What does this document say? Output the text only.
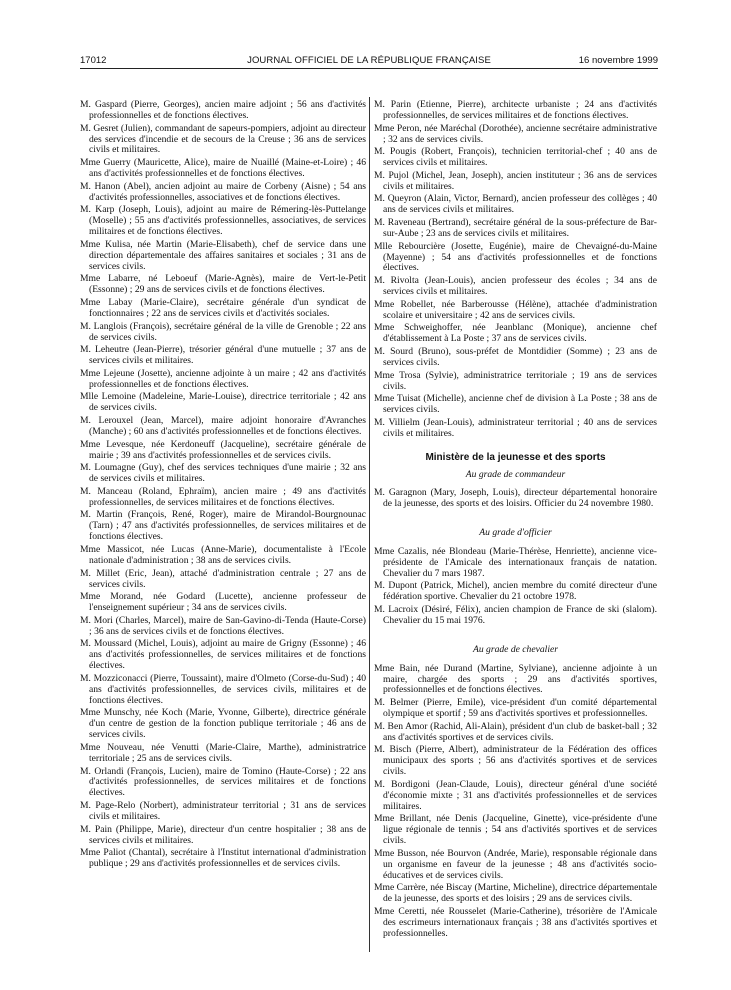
17012	JOURNAL OFFICIEL DE LA RÉPUBLIQUE FRANÇAISE	16 novembre 1999

M. Gaspard (Pierre, Georges), ancien maire adjoint ; 56 ans d'activités professionnelles et de fonctions électives.

M. Gesret (Julien), commandant de sapeurs-pompiers, adjoint au directeur des services d'incendie et de secours de la Creuse ; 36 ans de services civils et militaires.

Mme Guerry (Mauricette, Alice), maire de Nuaillé (Maine-et-Loire) ; 46 ans d'activités professionnelles et de fonctions électives.

M. Hanon (Abel), ancien adjoint au maire de Corbeny (Aisne) ; 54 ans d'activités professionnelles, associatives et de fonctions électives.

M. Karp (Joseph, Louis), adjoint au maire de Rémering-lès-Puttelange (Moselle) ; 55 ans d'activités professionnelles, associatives, de services militaires et de fonctions électives.

Mme Kulisa, née Martin (Marie-Elisabeth), chef de service dans une direction départementale des affaires sanitaires et sociales ; 31 ans de services civils.

Mme Labarre, né Leboeuf (Marie-Agnès), maire de Vert-le-Petit (Essonne) ; 29 ans de services civils et de fonctions électives.

Mme Labay (Marie-Claire), secrétaire générale d'un syndicat de fonctionnaires ; 22 ans de services civils et d'activités sociales.

M. Langlois (François), secrétaire général de la ville de Grenoble ; 22 ans de services civils.

M. Leheutre (Jean-Pierre), trésorier général d'une mutuelle ; 37 ans de services civils et militaires.

Mme Lejeune (Josette), ancienne adjointe à un maire ; 42 ans d'activités professionnelles et de fonctions électives.

Mlle Lemoine (Madeleine, Marie-Louise), directrice territoriale ; 42 ans de services civils.

M. Lerouxel (Jean, Marcel), maire adjoint honoraire d'Avranches (Manche) ; 60 ans d'activités professionnelles et de fonctions électives.

Mme Levesque, née Kerdoneuff (Jacqueline), secrétaire générale de mairie ; 39 ans d'activités professionnelles et de services civils.

M. Loumagne (Guy), chef des services techniques d'une mairie ; 32 ans de services civils et militaires.

M. Manceau (Roland, Ephraïm), ancien maire ; 49 ans d'activités professionnelles, de services militaires et de fonctions électives.

M. Martin (François, René, Roger), maire de Mirandol-Bourgnounac (Tarn) ; 47 ans d'activités professionnelles, de services militaires et de fonctions électives.

Mme Massicot, née Lucas (Anne-Marie), documentaliste à l'Ecole nationale d'administration ; 38 ans de services civils.

M. Millet (Eric, Jean), attaché d'administration centrale ; 27 ans de services civils.

Mme Morand, née Godard (Lucette), ancienne professeur de l'enseignement supérieur ; 34 ans de services civils.

M. Mori (Charles, Marcel), maire de San-Gavino-di-Tenda (Haute-Corse) ; 36 ans de services civils et de fonctions électives.

M. Moussard (Michel, Louis), adjoint au maire de Grigny (Essonne) ; 46 ans d'activités professionnelles, de services militaires et de fonctions électives.

M. Mozziconacci (Pierre, Toussaint), maire d'Olmeto (Corse-du-Sud) ; 40 ans d'activités professionnelles, de services civils, militaires et de fonctions électives.

Mme Munschy, née Koch (Marie, Yvonne, Gilberte), directrice générale d'un centre de gestion de la fonction publique territoriale ; 46 ans de services civils.

Mme Nouveau, née Venutti (Marie-Claire, Marthe), administratrice territoriale ; 25 ans de services civils.

M. Orlandi (François, Lucien), maire de Tomino (Haute-Corse) ; 22 ans d'activités professionnelles, de services militaires et de fonctions électives.

M. Page-Relo (Norbert), administrateur territorial ; 31 ans de services civils et militaires.

M. Pain (Philippe, Marie), directeur d'un centre hospitalier ; 38 ans de services civils et militaires.

Mme Paliot (Chantal), secrétaire à l'Institut international d'administration publique ; 29 ans d'activités professionnelles et de services civils.

M. Parin (Etienne, Pierre), architecte urbaniste ; 24 ans d'activités professionnelles, de services militaires et de fonctions électives.

Mme Peron, née Maréchal (Dorothée), ancienne secrétaire administrative ; 32 ans de services civils.

M. Pougis (Robert, François), technicien territorial-chef ; 40 ans de services civils et militaires.

M. Pujol (Michel, Jean, Joseph), ancien instituteur ; 36 ans de services civils et militaires.

M. Queyron (Alain, Victor, Bernard), ancien professeur des collèges ; 40 ans de services civils et militaires.

M. Raveneau (Bertrand), secrétaire général de la sous-préfecture de Bar-sur-Aube ; 23 ans de services civils et militaires.

Mlle Rebourcière (Josette, Eugénie), maire de Chevaigné-du-Maine (Mayenne) ; 54 ans d'activités professionnelles et de fonctions électives.

M. Rivolta (Jean-Louis), ancien professeur des écoles ; 34 ans de services civils et militaires.

Mme Robellet, née Barberousse (Hélène), attachée d'administration scolaire et universitaire ; 42 ans de services civils.

Mme Schweighoffer, née Jeanblanc (Monique), ancienne chef d'établissement à La Poste ; 37 ans de services civils.

M. Sourd (Bruno), sous-préfet de Montdidier (Somme) ; 23 ans de services civils.

Mme Trosa (Sylvie), administratrice territoriale ; 19 ans de services civils.

Mme Tuisat (Michelle), ancienne chef de division à La Poste ; 38 ans de services civils.

M. Villielm (Jean-Louis), administrateur territorial ; 40 ans de services civils et militaires.

Ministère de la jeunesse et des sports
Au grade de commandeur

M. Garagnon (Mary, Joseph, Louis), directeur départemental honoraire de la jeunesse, des sports et des loisirs. Officier du 24 novembre 1980.

Au grade d'officier

Mme Cazalis, née Blondeau (Marie-Thérèse, Henriette), ancienne vice-présidente de l'Amicale des internationaux français de natation. Chevalier du 7 mars 1987.

M. Dupont (Patrick, Michel), ancien membre du comité directeur d'une fédération sportive. Chevalier du 21 octobre 1978.

M. Lacroix (Désiré, Félix), ancien champion de France de ski (slalom). Chevalier du 15 mai 1976.

Au grade de chevalier

Mme Bain, née Durand (Martine, Sylviane), ancienne adjointe à un maire, chargée des sports ; 29 ans d'activités sportives, professionnelles et de fonctions électives.

M. Belmer (Pierre, Emile), vice-président d'un comité départemental olympique et sportif ; 59 ans d'activités sportives et professionnelles.

M. Ben Amor (Rachid, Ali-Alain), président d'un club de basket-ball ; 32 ans d'activités sportives et de services civils.

M. Bisch (Pierre, Albert), administrateur de la Fédération des offices municipaux des sports ; 56 ans d'activités sportives et de services civils.

M. Bordigoni (Jean-Claude, Louis), directeur général d'une société d'économie mixte ; 31 ans d'activités professionnelles et de services militaires.

Mme Brillant, née Denis (Jacqueline, Ginette), vice-présidente d'une ligue régionale de tennis ; 54 ans d'activités sportives et de services civils.

Mme Busson, née Bourvon (Andrée, Marie), responsable régionale dans un organisme en faveur de la jeunesse ; 48 ans d'activités socio-éducatives et de services civils.

Mme Carrère, née Biscay (Martine, Micheline), directrice départementale de la jeunesse, des sports et des loisirs ; 29 ans de services civils.

Mme Ceretti, née Rousselet (Marie-Catherine), trésorière de l'Amicale des escrimeurs internationaux français ; 38 ans d'activités sportives et professionnelles.
